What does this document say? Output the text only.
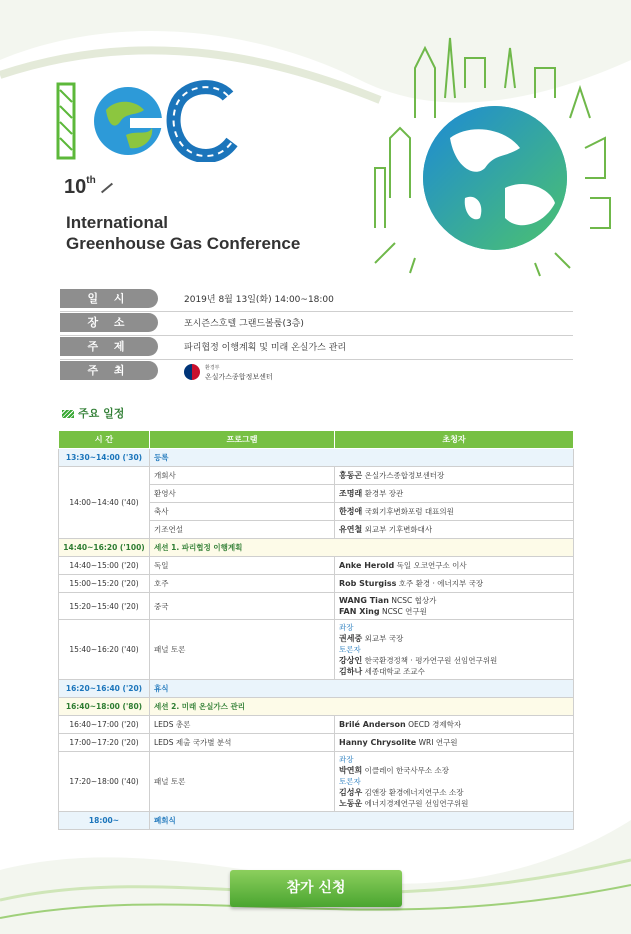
10th
International
Greenhouse Gas Conference
일 시	2019년 8월 13일(화) 14:00~18:00
장 소	포시즌스호텔 그랜드볼룸(3층)
주 제	파리협정 이행계획 및 미래 온실가스 관리
주 최	환경부
온실가스종합정보센터
주요 일정
시 간	프로그램	초청자
13:30~14:00 ('30)	등록	
14:00~14:40 ('40)	개회사	홍동곤 온실가스종합정보센터장
	환영사	조명래 환경부 장관
	축사	한정애 국회기후변화포럼 대표의원
	기조연설	유연철 외교부 기후변화대사
14:40~16:20 ('100)	세션 1. 파리협정 이행계획	
14:40~15:00 ('20)	독일	Anke Herold 독일 오코연구소 이사
15:00~15:20 ('20)	호주	Rob Sturgiss 호주 환경 · 에너지부 국장
15:20~15:40 ('20)	중국	WANG Tian NCSC 협상가
FAN Xing NCSC 연구원

15:40~16:20 ('40)	패널 토론	좌장
권세중 외교부 국장
토론자
강상인 한국환경정책 · 평가연구원 선임연구위원
김하나 세종대학교 조교수

16:20~16:40 ('20)	휴식	
16:40~18:00 ('80)	세션 2. 미래 온실가스 관리	
16:40~17:00 ('20)	LEDS 총론	Brilé Anderson OECD 경제학자
17:00~17:20 ('20)	LEDS 제출 국가별 분석	Hanny Chrysolite WRI 연구원
17:20~18:00 ('40)	패널 토론	좌장
박연희 이클레이 한국사무소 소장
토론자
김성우 김앤장 환경에너지연구소 소장
노동운 에너지경제연구원 선임연구위원

18:00~	폐회식	
참가 신청
